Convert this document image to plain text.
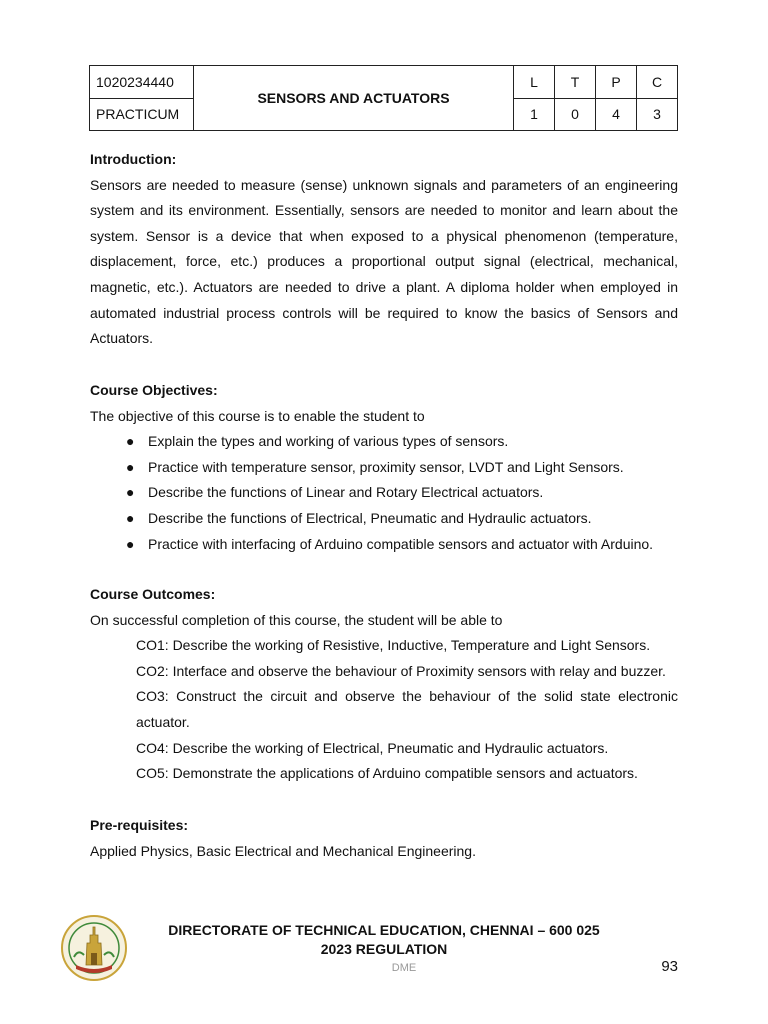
1020234440	SENSORS AND ACTUATORS	L	T	P	C
PRACTICUM		1	0	4	3
Introduction:

Sensors are needed to measure (sense) unknown signals and parameters of an engineering system and its environment. Essentially, sensors are needed to monitor and learn about the system. Sensor is a device that when exposed to a physical phenomenon (temperature, displacement, force, etc.) produces a proportional output signal (electrical, mechanical, magnetic, etc.). Actuators are needed to drive a plant. A diploma holder when employed in automated industrial process controls will be required to know the basics of Sensors and Actuators.

Course Objectives:
The objective of this course is to enable the student to
● Explain the types and working of various types of sensors.
● Practice with temperature sensor, proximity sensor, LVDT and Light Sensors.
● Describe the functions of Linear and Rotary Electrical actuators.
● Describe the functions of Electrical, Pneumatic and Hydraulic actuators.
● Practice with interfacing of Arduino compatible sensors and actuator with Arduino.
Course Outcomes:
On successful completion of this course, the student will be able to
CO1: Describe the working of Resistive, Inductive, Temperature and Light Sensors.
CO2: Interface and observe the behaviour of Proximity sensors with relay and buzzer.
CO3: Construct the circuit and observe the behaviour of the solid state electronic actuator.
CO4: Describe the working of Electrical, Pneumatic and Hydraulic actuators.
CO5: Demonstrate the applications of Arduino compatible sensors and actuators.
Pre-requisites:
Applied Physics, Basic Electrical and Mechanical Engineering.
DIRECTORATE OF TECHNICAL EDUCATION, CHENNAI – 600 025
2023 REGULATION
DME	93
